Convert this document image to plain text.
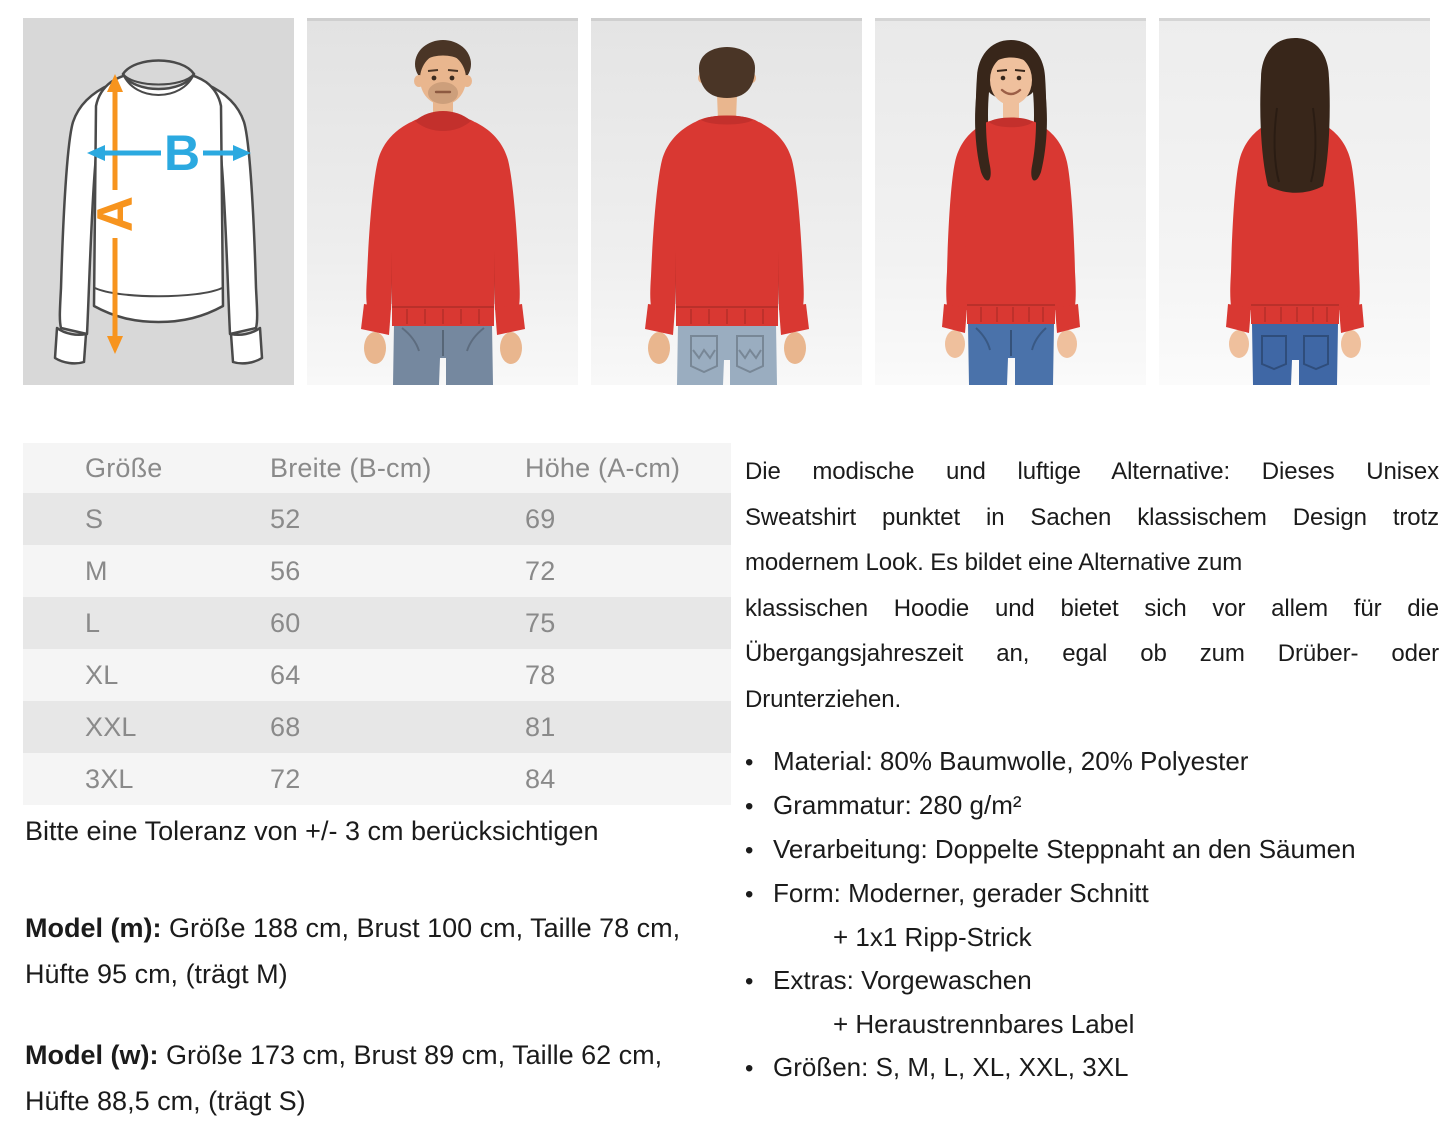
A
B
Größe	Breite (B-cm)	Höhe (A-cm)
S	52	69
M	56	72
L	60	75
XL	64	78
XXL	68	81
3XL	72	84
Bitte eine Toleranz von +/- 3 cm berücksichtigen
Model (m): Größe 188 cm, Brust 100 cm, Taille 78 cm, Hüfte 95 cm, (trägt M)
Model (w): Größe 173 cm, Brust 89 cm, Taille 62 cm, Hüfte 88,5 cm, (trägt S)
Die modische und luftige Alternative: Dieses Unisex
Sweatshirt punktet in Sachen klassischem Design trotz
modernem Look. Es bildet eine Alternative zum
klassischen Hoodie und bietet sich vor allem für die
Übergangsjahreszeit an, egal ob zum Drüber- oder
Drunterziehen.
•
Material: 80% Baumwolle, 20% Polyester
•
Grammatur: 280 g/m²
•
Verarbeitung: Doppelte Steppnaht an den Säumen
•
Form: Moderner, gerader Schnitt
+ 1x1 Ripp-Strick
•
Extras: Vorgewaschen
+ Heraustrennbares Label
•
Größen: S, M, L, XL, XXL, 3XL
